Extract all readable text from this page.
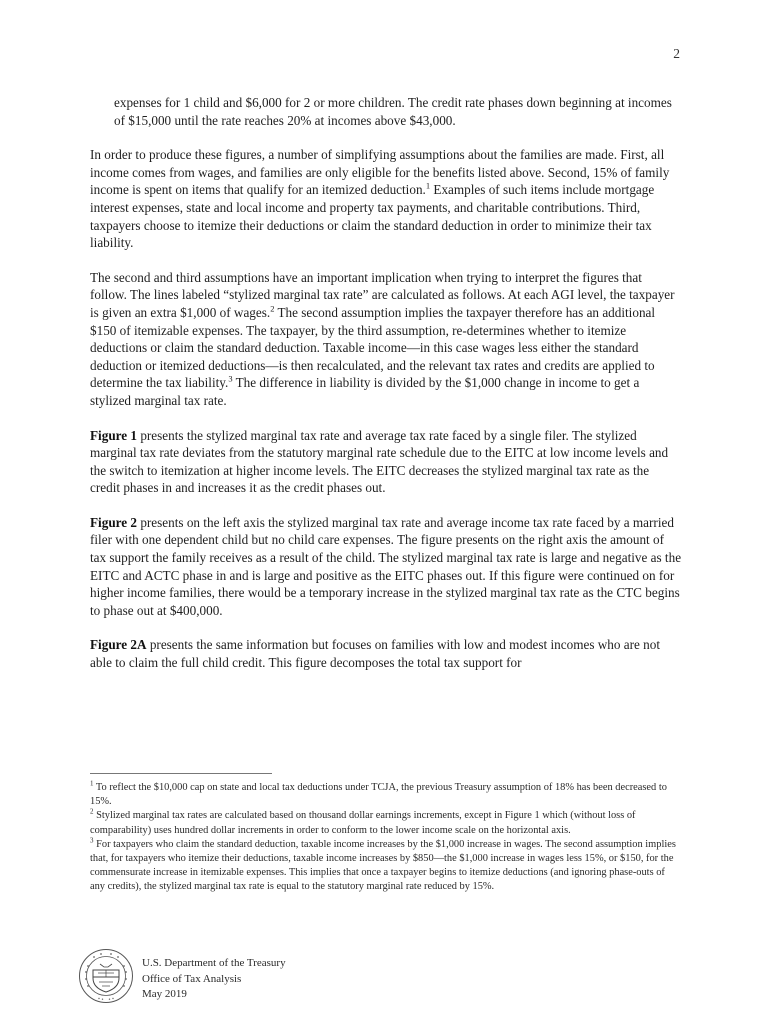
2

expenses for 1 child and $6,000 for 2 or more children. The credit rate phases down beginning at incomes of $15,000 until the rate reaches 20% at incomes above $43,000.

In order to produce these figures, a number of simplifying assumptions about the families are made. First, all income comes from wages, and families are only eligible for the benefits listed above. Second, 15% of family income is spent on items that qualify for an itemized deduction.$^1$ Examples of such items include mortgage interest expenses, state and local income and property tax payments, and charitable contributions. Third, taxpayers choose to itemize their deductions or claim the standard deduction in order to minimize their tax liability.

The second and third assumptions have an important implication when trying to interpret the figures that follow. The lines labeled “stylized marginal tax rate” are calculated as follows. At each AGI level, the taxpayer is given an extra $1,000 of wages.$^2$ The second assumption implies the taxpayer therefore has an additional $150 of itemizable expenses. The taxpayer, by the third assumption, re-determines whether to itemize deductions or claim the standard deduction. Taxable income—in this case wages less either the standard deduction or itemized deductions—is then recalculated, and the relevant tax rates and credits are applied to determine the tax liability.$^3$ The difference in liability is divided by the $1,000 change in income to get a stylized marginal tax rate.

Figure 1 presents the stylized marginal tax rate and average tax rate faced by a single filer. The stylized marginal tax rate deviates from the statutory marginal rate schedule due to the EITC at low income levels and the switch to itemization at higher income levels. The EITC decreases the stylized marginal tax rate as the credit phases in and increases it as the credit phases out.

Figure 2 presents on the left axis the stylized marginal tax rate and average income tax rate faced by a married filer with one dependent child but no child care expenses. The figure presents on the right axis the amount of tax support the family receives as a result of the child. The stylized marginal tax rate is large and negative as the EITC and ACTC phase in and is large and positive as the EITC phases out. If this figure were continued on for higher income families, there would be a temporary increase in the stylized marginal tax rate as the CTC begins to phase out at $400,000.

Figure 2A presents the same information but focuses on families with low and modest incomes who are not able to claim the full child credit. This figure decomposes the total tax support for

$^1$ To reflect the $10,000 cap on state and local tax deductions under TCJA, the previous Treasury assumption of 18% has been decreased to 15%.

$^2$ Stylized marginal tax rates are calculated based on thousand dollar earnings increments, except in Figure 1 which (without loss of comparability) uses hundred dollar increments in order to conform to the lower income scale on the horizontal axis.

$^3$ For taxpayers who claim the standard deduction, taxable income increases by the $1,000 increase in wages. The second assumption implies that, for taxpayers who itemize their deductions, taxable income increases by $850—the $1,000 increase in wages less 15%, or $150, for the commensurate increase in itemizable expenses. This implies that once a taxpayer begins to itemize deductions (and ignoring phase-outs of any credits), the stylized marginal tax rate is equal to the statutory marginal rate reduced by 15%.

U.S. Department of the Treasury
Office of Tax Analysis
May 2019
